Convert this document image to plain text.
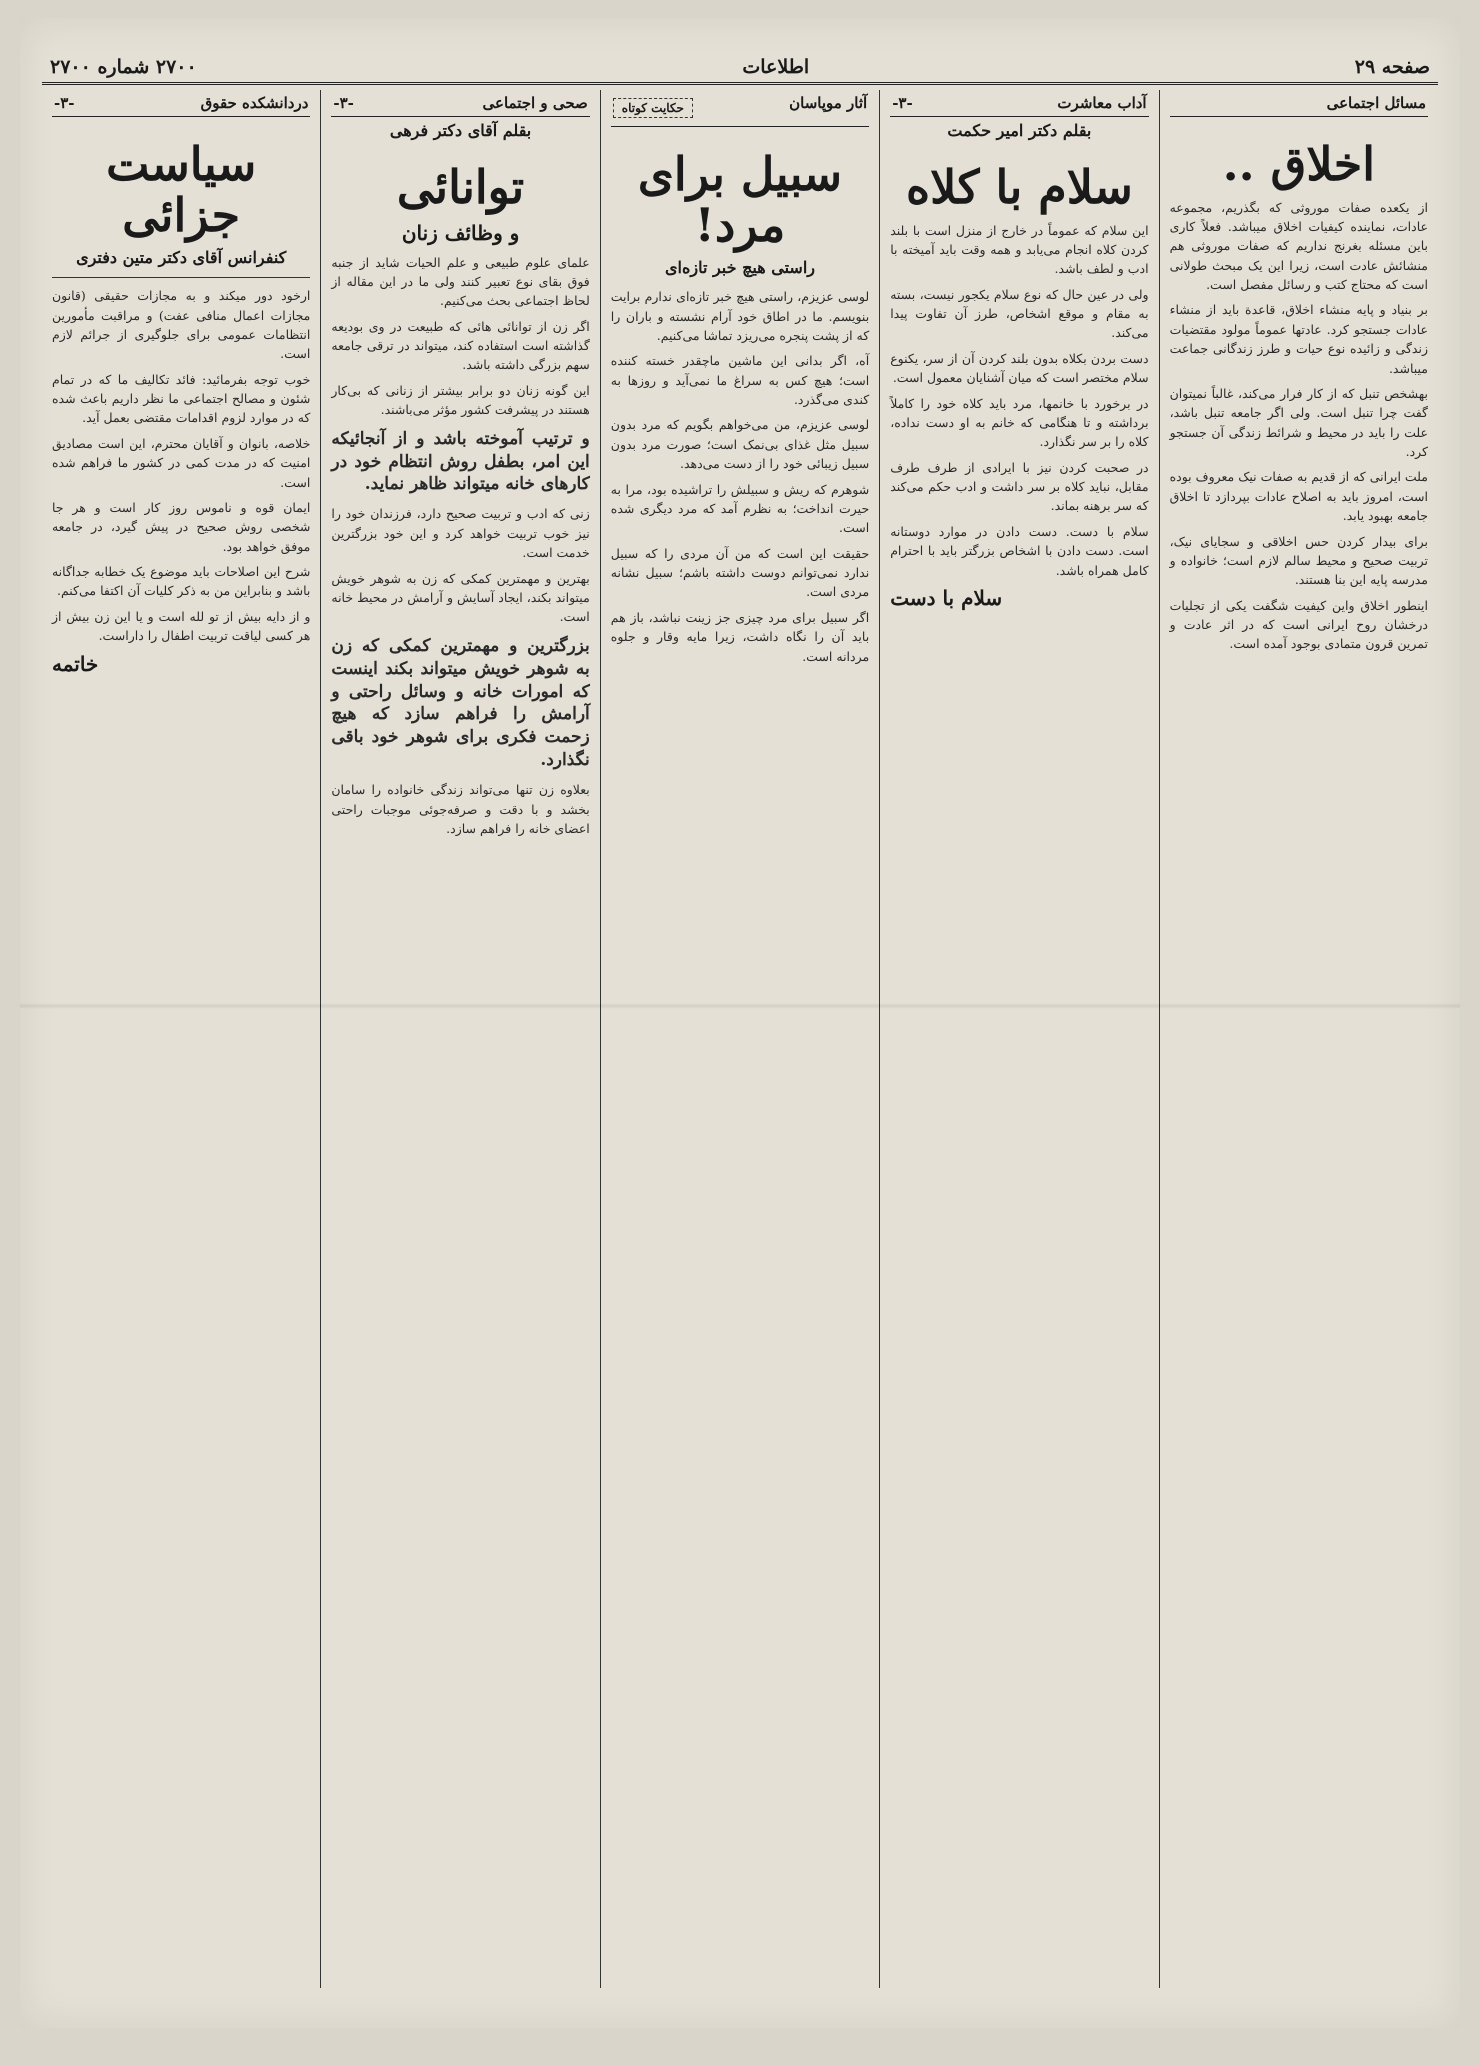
صفحه ۲۹
اطلاعات
۲۷۰۰ شماره ۲۷۰۰
مسائل اجتماعی
اخلاق ..

از یکعده صفات موروثی که بگذریم، مجموعه عادات، نماینده کیفیات اخلاق میباشد. فعلاً کاری باین مسئله بغرنج نداریم که صفات موروثی هم منشائش عادت است، زیرا این یک مبحث طولانی است که محتاج کتب و رسائل مفصل است.

بر بنیاد و پایه منشاء اخلاق، قاعدة باید از منشاء عادات جستجو کرد. عادتها عموماً مولود مقتضیات زندگی و زائیده نوع حیات و طرز زندگانی جماعت میباشد.

بهشخص تنبل که از کار فرار می‌کند، غالباً نمیتوان گفت چرا تنبل است. ولی اگر جامعه تنبل باشد، علت را باید در محیط و شرائط زندگی آن جستجو کرد.

ملت ایرانی که از قدیم به صفات نیک معروف بوده است، امروز باید به اصلاح عادات بپردازد تا اخلاق جامعه بهبود یابد.

برای بیدار کردن حس اخلاقی و سجایای نیک، تربیت صحیح و محیط سالم لازم است؛ خانواده و مدرسه پایه این بنا هستند.

اینطور اخلاق واین کیفیت شگفت یکی از تجلیات درخشان روح ایرانی است که در اثر عادت و تمرین قرون متمادی بوجود آمده است.

آداب معاشرت
-۳-
بقلم دکتر امیر حکمت
سلام با کلاه

این سلام که عموماً در خارج از منزل است با بلند کردن کلاه انجام می‌یابد و همه وقت باید آمیخته با ادب و لطف باشد.

ولی در عین حال که نوع سلام یکجور نیست، بسته به مقام و موقع اشخاص، طرز آن تفاوت پیدا می‌کند.

دست بردن بکلاه بدون بلند کردن آن از سر، یکنوع سلام مختصر است که میان آشنایان معمول است.

در برخورد با خانمها، مرد باید کلاه خود را کاملاً برداشته و تا هنگامی که خانم به او دست نداده، کلاه را بر سر نگذارد.

در صحبت کردن نیز با ایرادی از طرف طرف مقابل، نباید کلاه بر سر داشت و ادب حکم می‌کند که سر برهنه بماند.

سلام با دست. دست دادن در موارد دوستانه است. دست دادن با اشخاص بزرگتر باید با احترام کامل همراه باشد.

سلام با دست
آثار موپاسان
حکایت کوتاه
سبیل برای مرد!
راستی هیچ خبر تازه‌ای

لوسی عزیزم، راستی هیچ خبر تازه‌ای ندارم برایت بنویسم. ما در اطاق خود آرام نشسته و باران را که از پشت پنجره می‌ریزد تماشا می‌کنیم.

آه، اگر بدانی این ماشین ماچقدر خسته کننده است؛ هیچ کس به سراغ ما نمی‌آید و روزها به کندی می‌گذرد.

لوسی عزیزم، من می‌خواهم بگویم که مرد بدون سبیل مثل غذای بی‌نمک است؛ صورت مرد بدون سبیل زیبائی خود را از دست می‌دهد.

شوهرم که ریش و سبیلش را تراشیده بود، مرا به حیرت انداخت؛ به نظرم آمد که مرد دیگری شده است.

حقیقت این است که من آن مردی را که سبیل ندارد نمی‌توانم دوست داشته باشم؛ سبیل نشانه مردی است.

اگر سبیل برای مرد چیزی جز زینت نباشد، باز هم باید آن را نگاه داشت، زیرا مایه وقار و جلوه مردانه است.

صحی و اجتماعی
-۳-
بقلم آقای دکتر فرهی
توانائی
و وظائف زنان

علمای علوم طبیعی و علم الحیات شاید از جنبه فوق بقای نوع تعبیر کنند ولی ما در این مقاله از لحاظ اجتماعی بحث می‌کنیم.

اگر زن از توانائی هائی که طبیعت در وی بودیعه گذاشته است استفاده کند، میتواند در ترقی جامعه سهم بزرگی داشته باشد.

این گونه زنان دو برابر بیشتر از زنانی که بی‌کار هستند در پیشرفت کشور مؤثر می‌باشند.

و ترتیب آموخته باشد و از آنجائیکه این امر، بطفل روش انتظام خود در کارهای خانه میتواند ظاهر نماید.

زنی که ادب و تربیت صحیح دارد، فرزندان خود را نیز خوب تربیت خواهد کرد و این خود بزرگترین خدمت است.

بهترین و مهمترین کمکی که زن به شوهر خویش میتواند بکند، ایجاد آسایش و آرامش در محیط خانه است.

بزرگترین و مهمترین کمکی که زن به شوهر خویش میتواند بکند اینست که امورات خانه و وسائل راحتی و آرامش را فراهم سازد که هیچ زحمت فکری برای شوهر خود باقی نگذارد.

بعلاوه زن تنها می‌تواند زندگی خانواده را سامان بخشد و با دقت و صرفه‌جوئی موجبات راحتی اعضای خانه را فراهم سازد.

دردانشکده حقوق
-۳-
سیاست جزائی
کنفرانس آقای دکتر متین دفتری

ارخود دور میکند و به مجازات حقیقی (قانون مجازات اعمال منافی عفت) و مراقبت مأمورین انتظامات عمومی برای جلوگیری از جرائم لازم است.

خوب توجه بفرمائید: فائد تکالیف ما که در تمام شئون و مصالح اجتماعی ما نظر داریم باعث شده که در موارد لزوم اقدامات مقتضی بعمل آید.

خلاصه، بانوان و آقایان محترم، این است مصادیق امنیت که در مدت کمی در کشور ما فراهم شده است.

ایمان قوه و ناموس روز کار است و هر جا شخصی روش صحیح در پیش گیرد، در جامعه موفق خواهد بود.

شرح این اصلاحات باید موضوع یک خطابه جداگانه باشد و بنابراین من به ذکر کلیات آن اکتفا می‌کنم.

و از دایه بیش از تو لله است و یا این زن بیش از هر کسی لیاقت تربیت اطفال را داراست.

خاتمه
